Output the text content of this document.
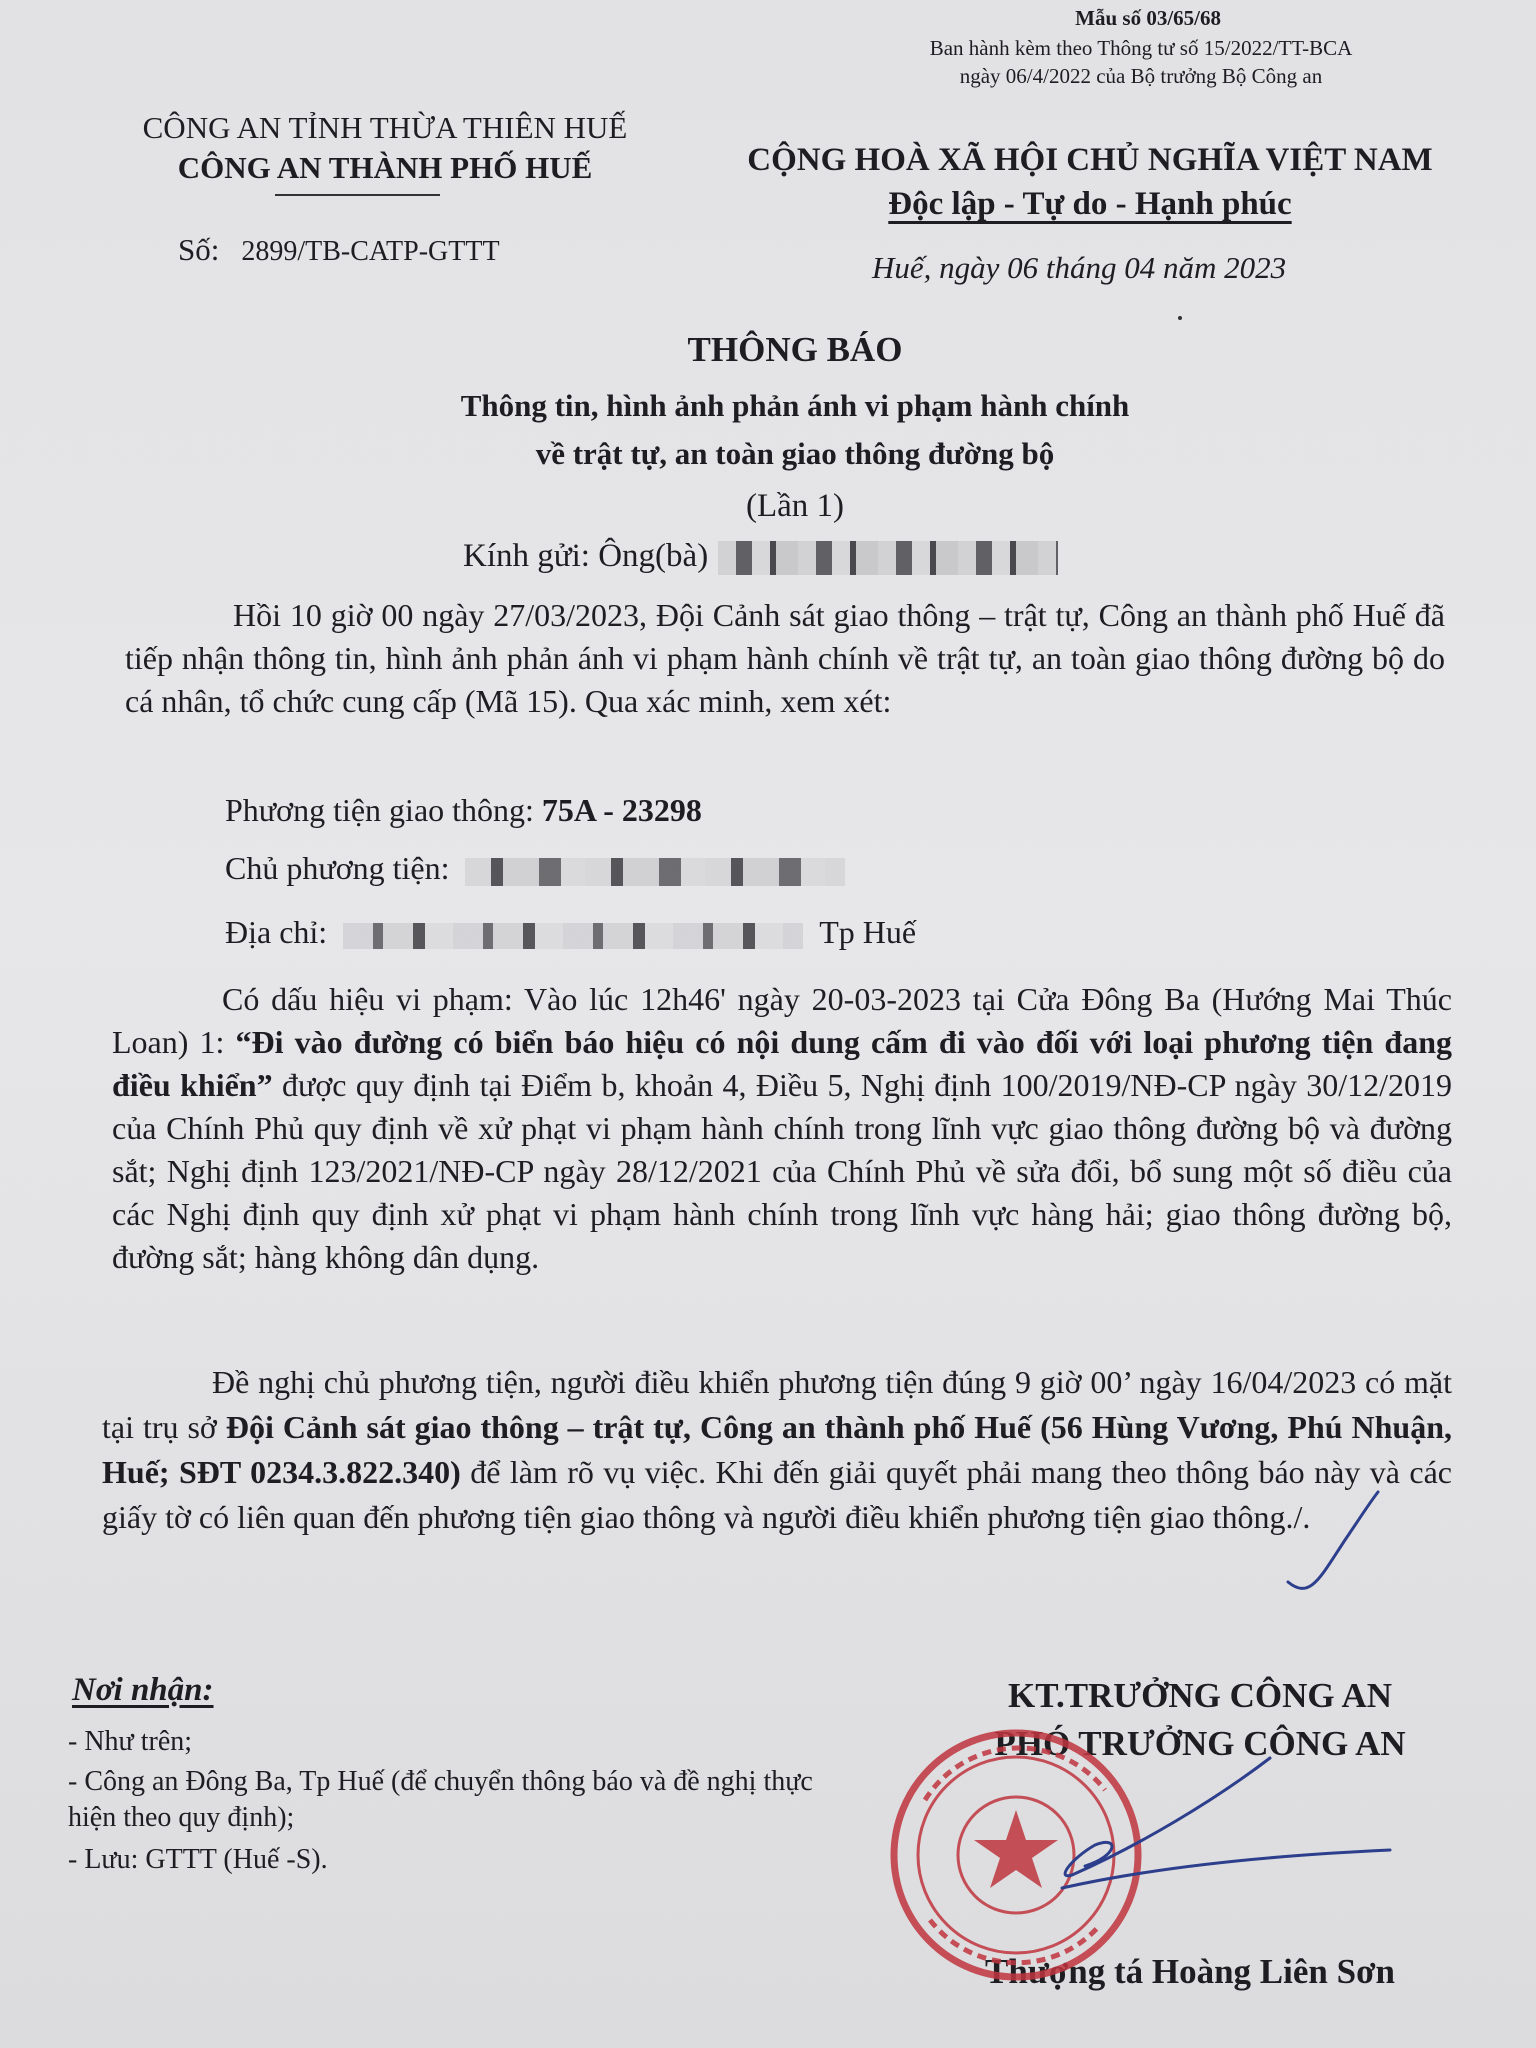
Mẫu số 03/65/68
Ban hành kèm theo Thông tư số 15/2022/TT-BCA
ngày 06/4/2022 của Bộ trưởng Bộ Công an
CÔNG AN TỈNH THỪA THIÊN HUẾ
CÔNG AN THÀNH PHỐ HUẾ
Số: 2899/TB-CATP-GTTT
CỘNG HOÀ XÃ HỘI CHỦ NGHĨA VIỆT NAM
Độc lập - Tự do - Hạnh phúc
Huế, ngày 06 tháng 04 năm 2023
THÔNG BÁO
Thông tin, hình ảnh phản ánh vi phạm hành chính
về trật tự, an toàn giao thông đường bộ
(Lần 1)
Kính gửi: Ông(bà)
Hồi 10 giờ 00 ngày 27/03/2023, Đội Cảnh sát giao thông – trật tự, Công an thành phố Huế đã tiếp nhận thông tin, hình ảnh phản ánh vi phạm hành chính về trật tự, an toàn giao thông đường bộ do cá nhân, tổ chức cung cấp (Mã 15). Qua xác minh, xem xét:
Phương tiện giao thông: 75A - 23298
Chủ phương tiện:
Địa chỉ:	Tp Huế
Có dấu hiệu vi phạm: Vào lúc 12h46' ngày 20-03-2023 tại Cửa Đông Ba (Hướng Mai Thúc Loan) 1: “Đi vào đường có biển báo hiệu có nội dung cấm đi vào đối với loại phương tiện đang điều khiển” được quy định tại Điểm b, khoản 4, Điều 5, Nghị định 100/2019/NĐ-CP ngày 30/12/2019 của Chính Phủ quy định về xử phạt vi phạm hành chính trong lĩnh vực giao thông đường bộ và đường sắt; Nghị định 123/2021/NĐ-CP ngày 28/12/2021 của Chính Phủ về sửa đổi, bổ sung một số điều của các Nghị định quy định xử phạt vi phạm hành chính trong lĩnh vực hàng hải; giao thông đường bộ, đường sắt; hàng không dân dụng.
Đề nghị chủ phương tiện, người điều khiển phương tiện đúng 9 giờ 00’ ngày 16/04/2023 có mặt tại trụ sở Đội Cảnh sát giao thông – trật tự, Công an thành phố Huế (56 Hùng Vương, Phú Nhuận, Huế; SĐT 0234.3.822.340) để làm rõ vụ việc. Khi đến giải quyết phải mang theo thông báo này và các giấy tờ có liên quan đến phương tiện giao thông và người điều khiển phương tiện giao thông./.
Nơi nhận:
- Như trên;
- Công an Đông Ba, Tp Huế (để chuyển thông báo và đề nghị thực hiện theo quy định);
- Lưu: GTTT (Huế -S).
KT.TRƯỞNG CÔNG AN
PHÓ TRƯỞNG CÔNG AN
Thượng tá Hoàng Liên Sơn
